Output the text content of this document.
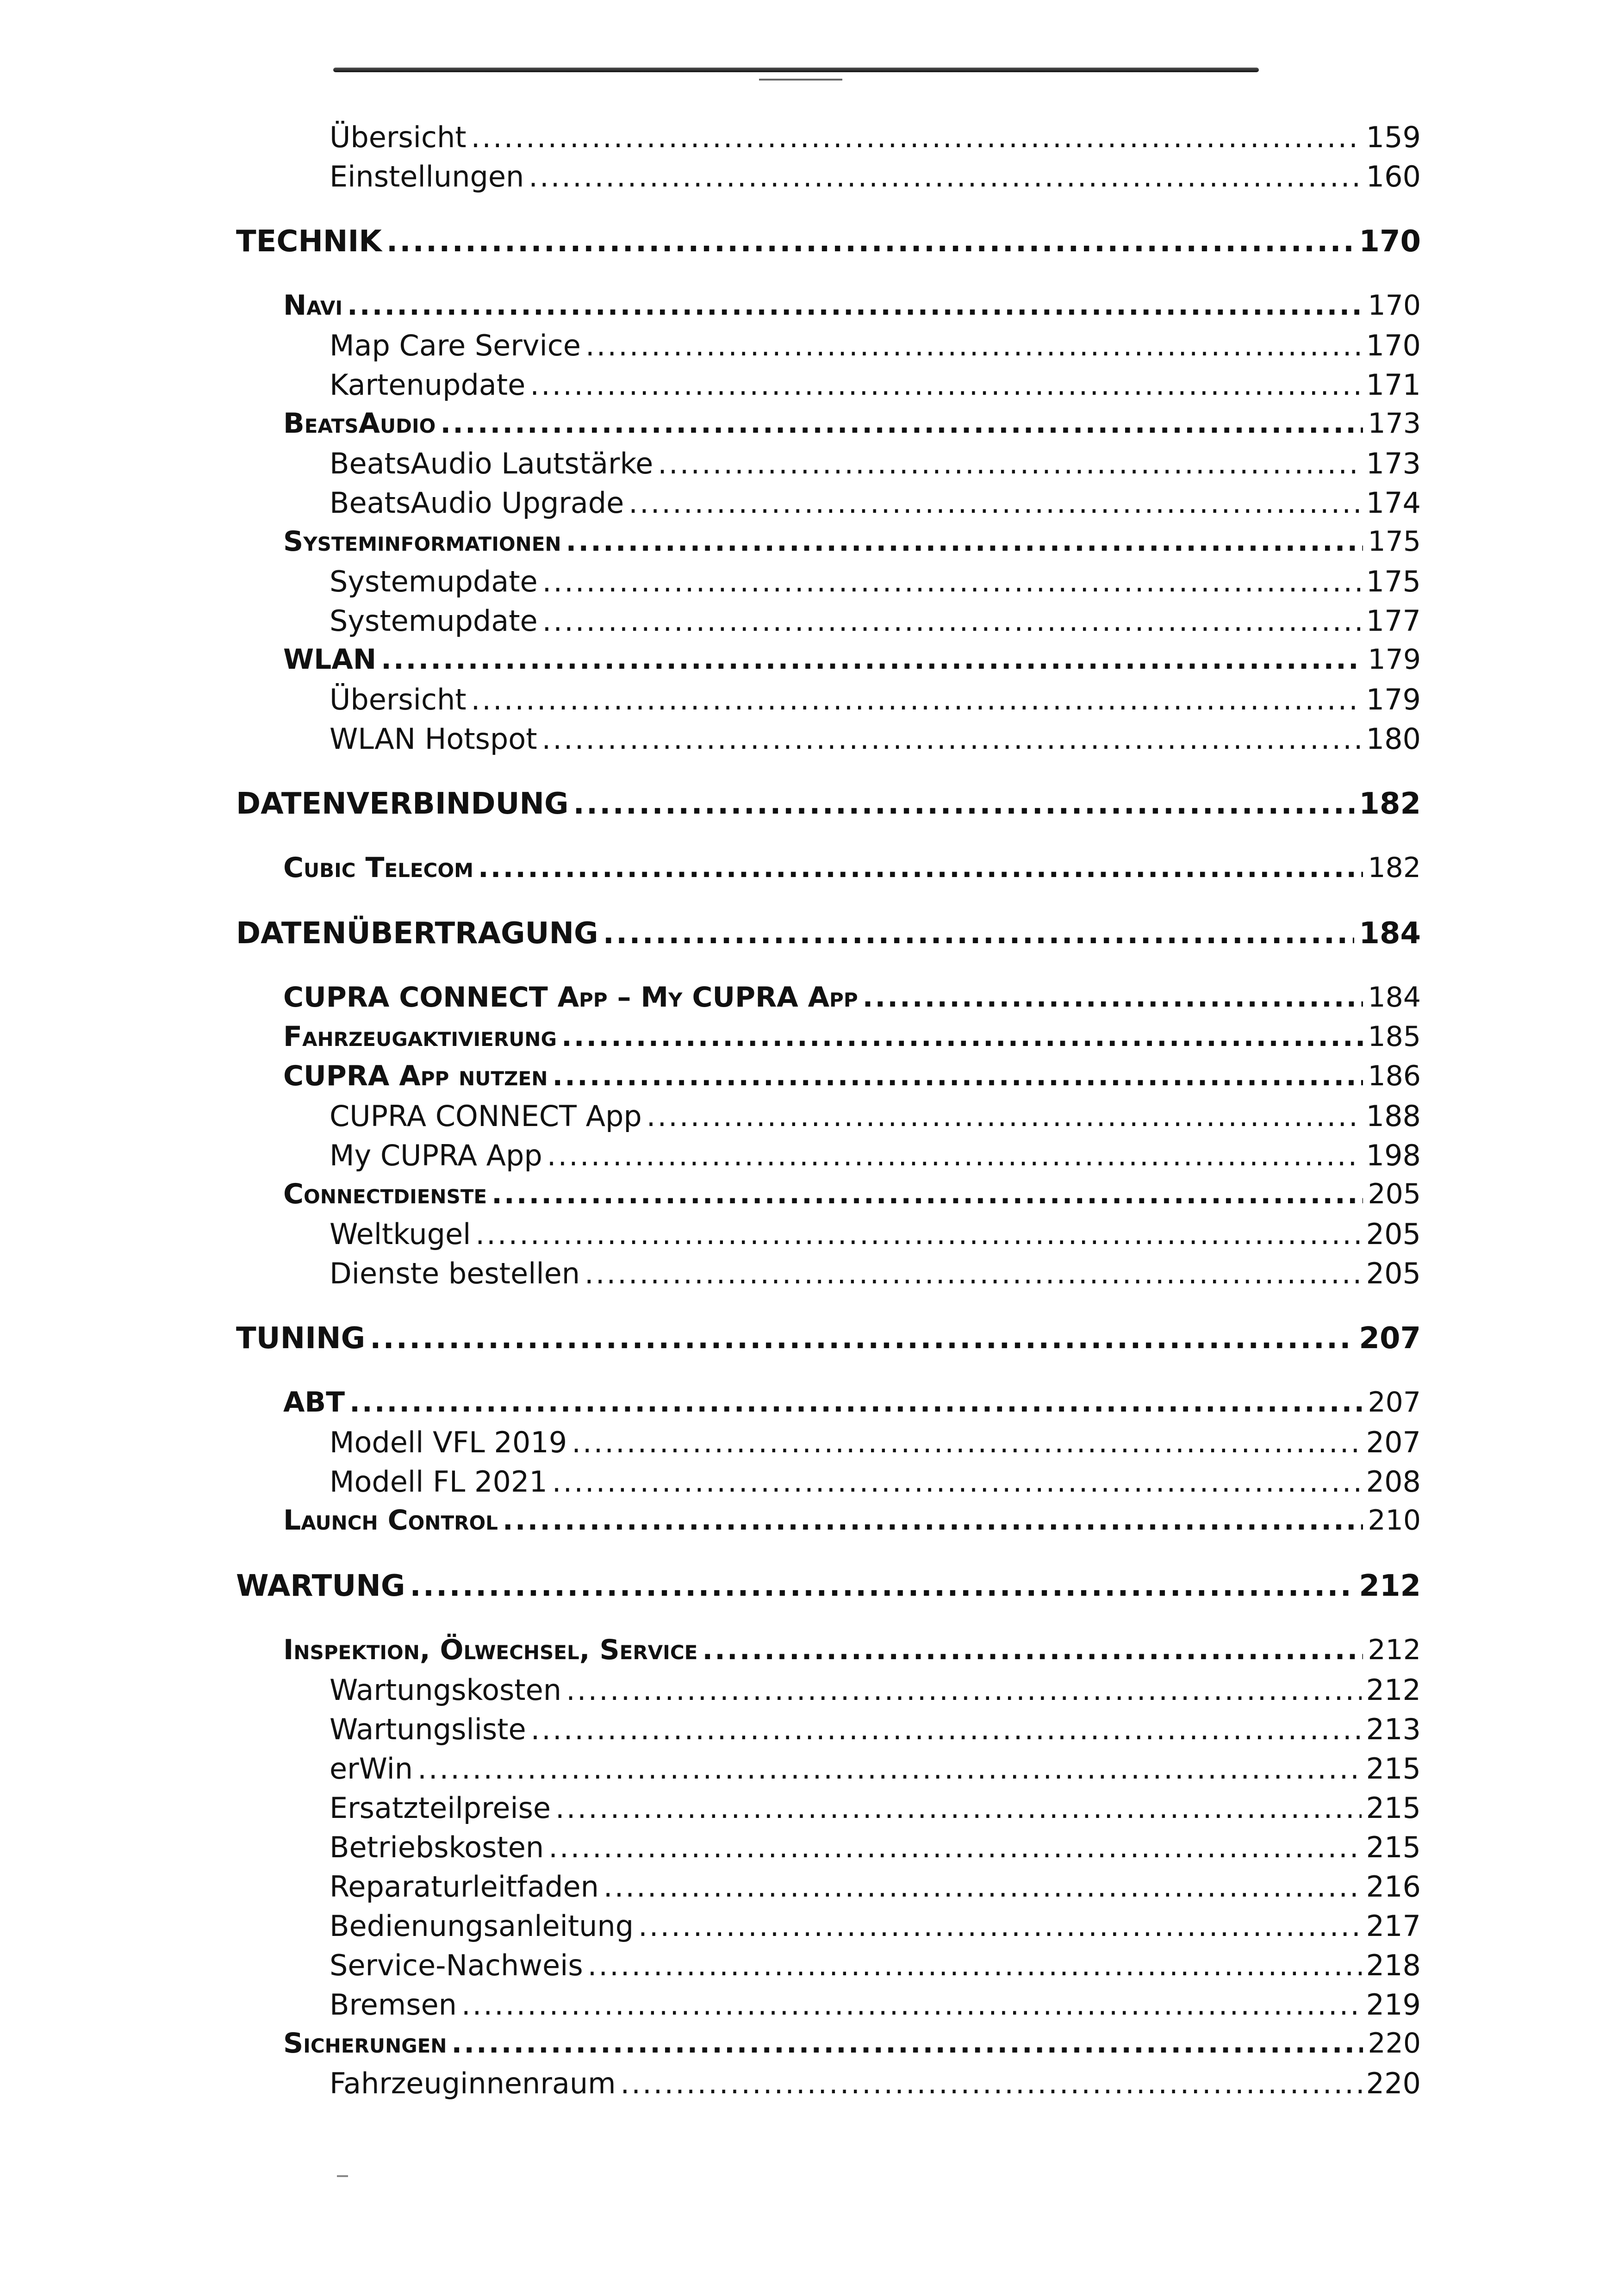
Übersicht .....	159
Einstellungen .....	160
TECHNIK .....	170
Navi .....	170
Map Care Service .....	170
Kartenupdate .....	171
BeatsAudio .....	173
BeatsAudio Lautstärke .....	173
BeatsAudio Upgrade .....	174
Systeminformationen .....	175
Systemupdate .....	175
Systemupdate .....	177
WLAN .....	179
Übersicht .....	179
WLAN Hotspot .....	180
DATENVERBINDUNG .....	182
Cubic Telecom .....	182
DATENÜBERTRAGUNG .....	184
CUPRA CONNECT App – My CUPRA App .....	184
Fahrzeugaktivierung .....	185
CUPRA App nutzen .....	186
CUPRA CONNECT App .....	188
My CUPRA App .....	198
Connectdienste .....	205
Weltkugel .....	205
Dienste bestellen .....	205
TUNING .....	207
ABT .....	207
Modell VFL 2019 .....	207
Modell FL 2021 .....	208
Launch Control .....	210
WARTUNG .....	212
Inspektion, Ölwechsel, Service .....	212
Wartungskosten .....	212
Wartungsliste .....	213
erWin .....	215
Ersatzteilpreise .....	215
Betriebskosten .....	215
Reparaturleitfaden .....	216
Bedienungsanleitung .....	217
Service-Nachweis .....	218
Bremsen .....	219
Sicherungen .....	220
Fahrzeuginnenraum .....	220
